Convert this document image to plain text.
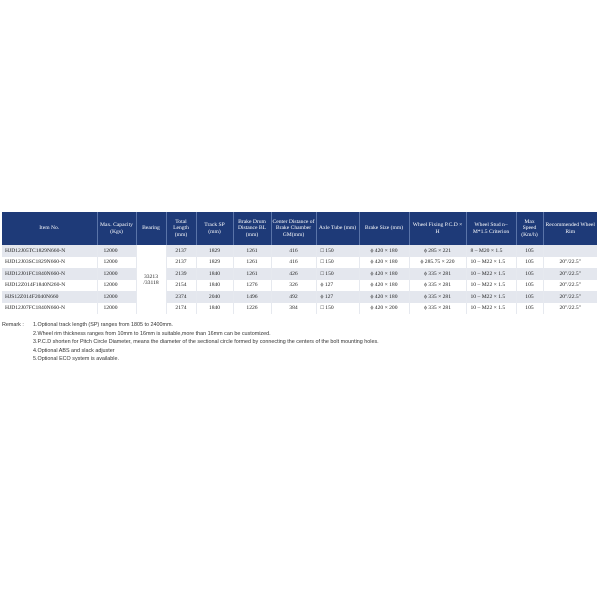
Item No.	Max. Capacity (Kgs)	Bearing	Total Length (mm)	Track SP (mm)	Brake Drum Distance BL (mm)	Center Distance of Brake Chamber GM(mm)	Axle Tube (mm)	Brake Size (mm)	Wheel Fixing P.C.D × H	Wheel Stud n–M*1.5 Criterion	Max Speed (Km/h)	Recommended Wheel Rim
HJD12J05TC1829N660-N	12000	33213 /33118	2137	1829	1261	416	□ 150	ϕ 420 × 180	ϕ 285 × 221	8 – M20 × 1.5	105	
HJD12J03SC1829N660-N	12000		2137	1829	1261	416	□ 150	ϕ 420 × 180	ϕ 285.75 × 220	10 – M22 × 1.5	105	20"/22.5"
HJD12J01FC1840N660-N	12000		2139	1840	1261	426	□ 150	ϕ 420 × 180	ϕ 335 × 281	10 – M22 × 1.5	105	20"/22.5"
HJD12Z014F1840N260-N	12000		2154	1840	1276	326	ϕ 127	ϕ 420 × 180	ϕ 335 × 281	10 – M22 × 1.5	105	20"/22.5"
HJS12Z014F2040N660	12000		2374	2040	1496	492	ϕ 127	ϕ 420 × 180	ϕ 335 × 281	10 – M22 × 1.5	105	20"/22.5"
HJD12J07FC1840N660-N	12000		2174	1840	1226	384	□ 150	ϕ 420 × 200	ϕ 335 × 281	10 – M22 × 1.5	105	20"/22.5"
Remark :	1.Optional track length (SP) ranges from 1805 to 2400mm.
2.Wheel rim thickness ranges from 10mm to 16mm is suitable,more than 16mm can be customized.
3.P.C.D shorten for Pitch Circle Diameter, means the diameter of the sectional circle formed by connecting the centers of the bolt mounting holes.
4.Optional ABS and slack adjuster
5.Optional ECO system is available.
